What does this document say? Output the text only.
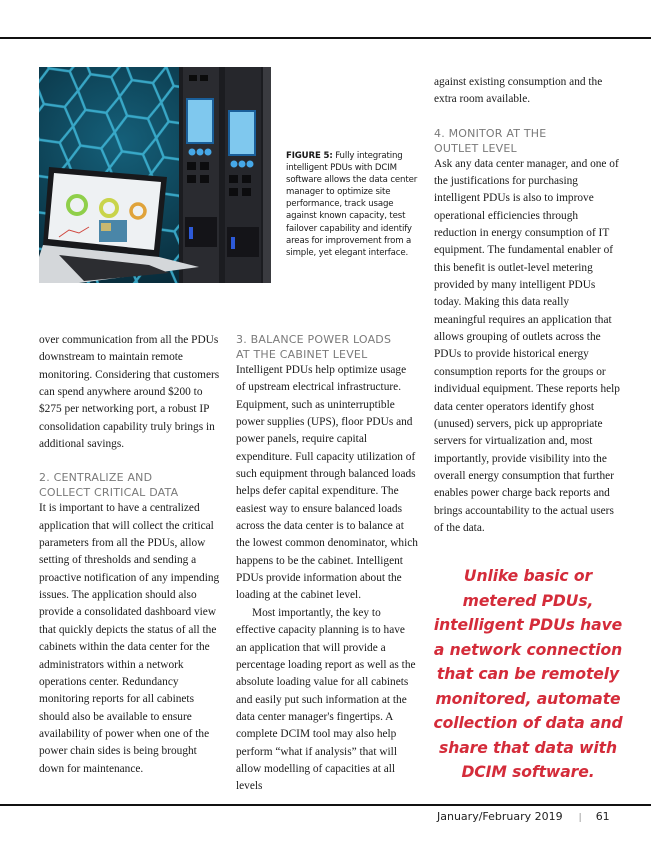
FIGURE 5: Fully integrating intelligent PDUs with DCIM software allows the data center manager to optimize site performance, track usage against known capacity, test failover capability and identify areas for improvement from a simple, yet elegant interface.

over communication from all the PDUs downstream to maintain remote monitoring. Considering that customers can spend anywhere around $200 to $275 per networking port, a robust IP consolidation capability truly brings in additional savings.

2. CENTRALIZE AND
COLLECT CRITICAL DATA

It is important to have a centralized application that will collect the critical parameters from all the PDUs, allow setting of thresholds and sending a proactive notification of any impending issues. The application should also provide a consolidated dashboard view that quickly depicts the status of all the cabinets within the data center for the administrators within a network operations center. Redundancy monitoring reports for all cabinets should also be available to ensure availability of power when one of the power chain sides is being brought down for maintenance.

3. BALANCE POWER LOADS
AT THE CABINET LEVEL

Intelligent PDUs help optimize usage of upstream electrical infrastructure. Equipment, such as uninterruptible power supplies (UPS), floor PDUs and power panels, require capital expenditure. Full capacity utilization of such equipment through balanced loads helps defer capital expenditure. The easiest way to ensure balanced loads across the data center is to balance at the lowest common denominator, which happens to be the cabinet. Intelligent PDUs provide information about the loading at the cabinet level.

Most importantly, the key to effective capacity planning is to have an application that will provide a percentage loading report as well as the absolute loading value for all cabinets and easily put such information at the data center manager's fingertips. A complete DCIM tool may also help perform “what if analysis” that will allow modelling of capacities at all levels

against existing consumption and the extra room available.

4. MONITOR AT THE
OUTLET LEVEL

Ask any data center manager, and one of the justifications for purchasing intelligent PDUs is also to improve operational efficiencies through reduction in energy consumption of IT equipment. The fundamental enabler of this benefit is outlet-level metering provided by many intelligent PDUs today. Making this data really meaningful requires an application that allows grouping of outlets across the PDUs to provide historical energy consumption reports for the groups or individual equipment. These reports help data center operators identify ghost (unused) servers, pick up appropriate servers for virtualization and, most importantly, provide visibility into the overall energy consumption that further enables power charge back reports and brings accountability to the actual users of the data.

Unlike basic or metered PDUs, intelligent PDUs have a network connection that can be remotely monitored, automate collection of data and share that data with DCIM software.
January/February 2019 | 61
